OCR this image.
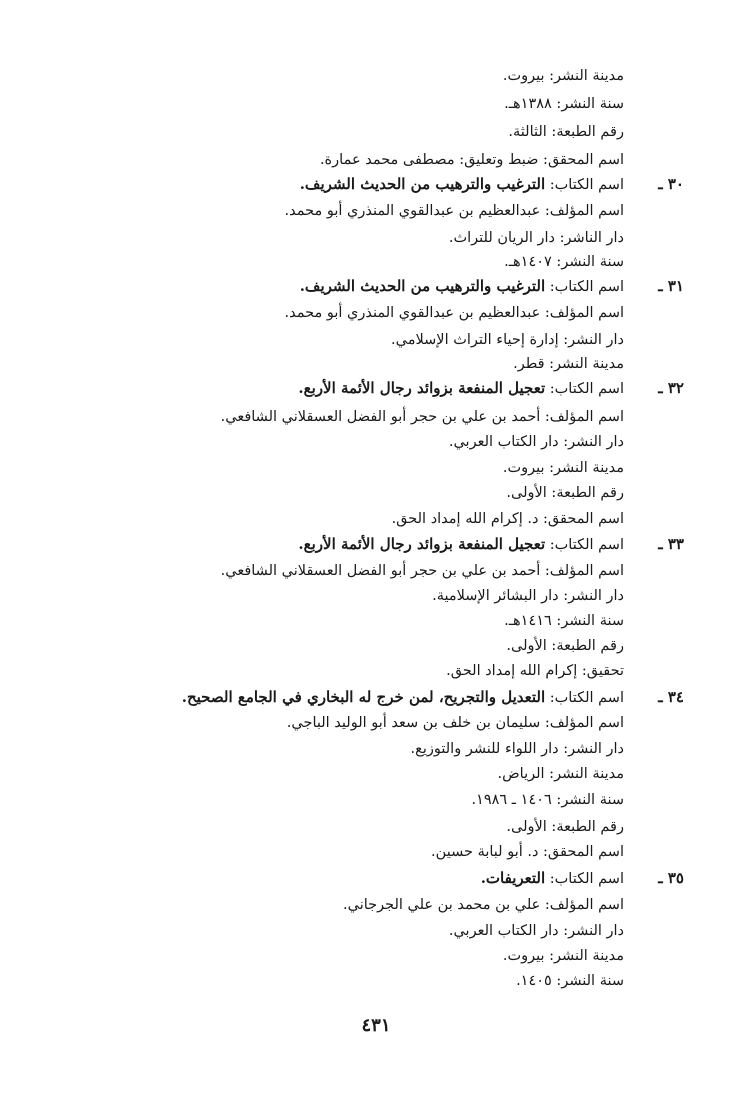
مدينة النشر: بيروت.
سنة النشر: ١٣٨٨هـ.
رقم الطبعة: الثالثة.
اسم المحقق: ضبط وتعليق: مصطفى محمد عمارة.
٣٠ ـ
اسم الكتاب: الترغيب والترهيب من الحديث الشريف.
اسم المؤلف: عبدالعظيم بن عبدالقوي المنذري أبو محمد.
دار الناشر: دار الريان للتراث.
سنة النشر: ١٤٠٧هـ.
٣١ ـ
اسم الكتاب: الترغيب والترهيب من الحديث الشريف.
اسم المؤلف: عبدالعظيم بن عبدالقوي المنذري أبو محمد.
دار النشر: إدارة إحياء التراث الإسلامي.
مدينة النشر: قطر.
٣٢ ـ
اسم الكتاب: تعجيل المنفعة بزوائد رجال الأئمة الأربع.
اسم المؤلف: أحمد بن علي بن حجر أبو الفضل العسقلاني الشافعي.
دار النشر: دار الكتاب العربي.
مدينة النشر: بيروت.
رقم الطبعة: الأولى.
اسم المحقق: د. إكرام الله إمداد الحق.
٣٣ ـ
اسم الكتاب: تعجيل المنفعة بزوائد رجال الأئمة الأربع.
اسم المؤلف: أحمد بن علي بن حجر أبو الفضل العسقلاني الشافعي.
دار النشر: دار البشائر الإسلامية.
سنة النشر: ١٤١٦هـ.
رقم الطبعة: الأولى.
تحقيق: إكرام الله إمداد الحق.
٣٤ ـ
اسم الكتاب: التعديل والتجريح، لمن خرج له البخاري في الجامع الصحيح.
اسم المؤلف: سليمان بن خلف بن سعد أبو الوليد الباجي.
دار النشر: دار اللواء للنشر والتوزيع.
مدينة النشر: الرياض.
سنة النشر: ١٤٠٦ ـ ١٩٨٦.
رقم الطبعة: الأولى.
اسم المحقق: د. أبو لبابة حسين.
٣٥ ـ
اسم الكتاب: التعريفات.
اسم المؤلف: علي بن محمد بن علي الجرجاني.
دار النشر: دار الكتاب العربي.
مدينة النشر: بيروت.
سنة النشر: ١٤٠٥.
٤٣١
